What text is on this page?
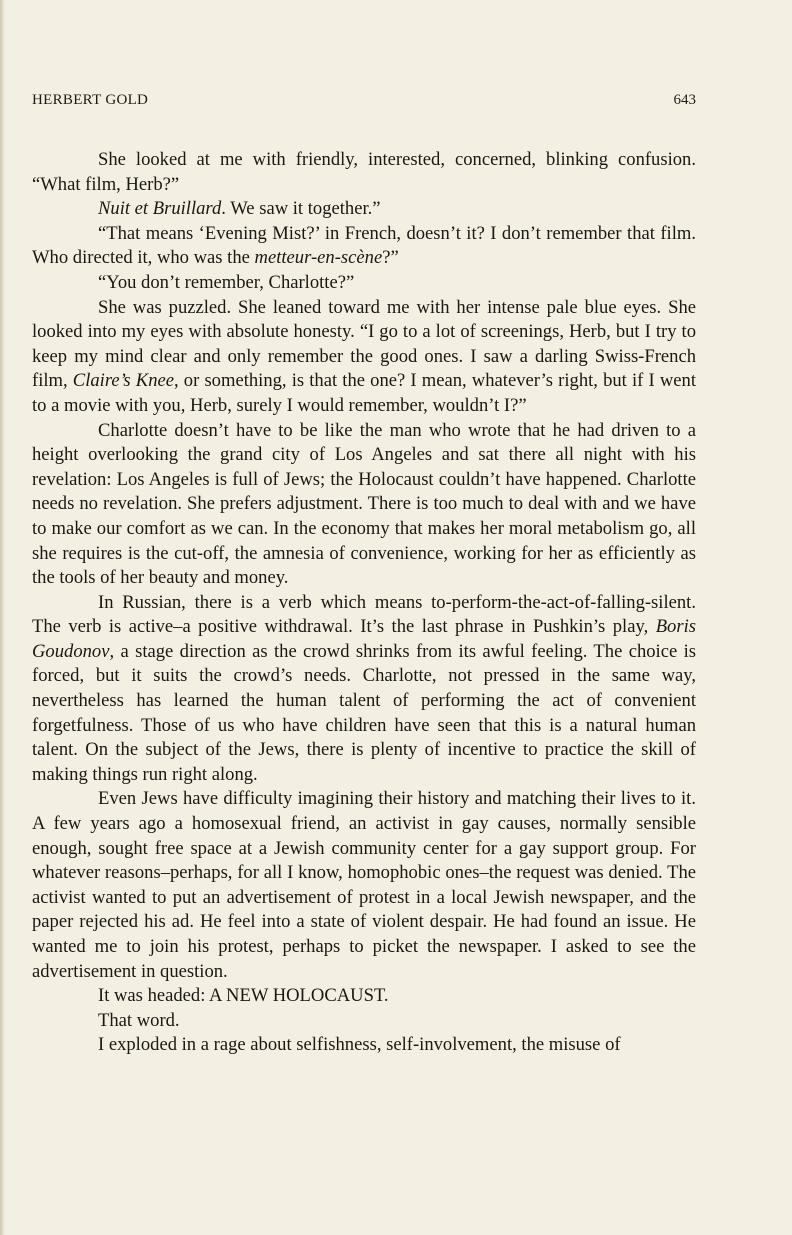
HERBERT GOLD	643

She looked at me with friendly, interested, concerned, blinking confusion. “What film, Herb?”

Nuit et Bruillard. We saw it together.”

“That means ‘Evening Mist?’ in French, doesn’t it? I don’t remember that film. Who directed it, who was the metteur-en-scène?”

“You don’t remember, Charlotte?”

She was puzzled. She leaned toward me with her intense pale blue eyes. She looked into my eyes with absolute honesty. “I go to a lot of screenings, Herb, but I try to keep my mind clear and only remember the good ones. I saw a darling Swiss-French film, Claire’s Knee, or something, is that the one? I mean, whatever’s right, but if I went to a movie with you, Herb, surely I would remember, wouldn’t I?”

Charlotte doesn’t have to be like the man who wrote that he had driven to a height overlooking the grand city of Los Angeles and sat there all night with his revelation: Los Angeles is full of Jews; the Holocaust couldn’t have happened. Charlotte needs no revelation. She prefers adjustment. There is too much to deal with and we have to make our comfort as we can. In the economy that makes her moral metabolism go, all she requires is the cut-off, the amnesia of convenience, working for her as efficiently as the tools of her beauty and money.

In Russian, there is a verb which means to-perform-the-act-of-falling-silent. The verb is active–a positive withdrawal. It’s the last phrase in Pushkin’s play, Boris Goudonov, a stage direction as the crowd shrinks from its awful feeling. The choice is forced, but it suits the crowd’s needs. Charlotte, not pressed in the same way, nevertheless has learned the human talent of performing the act of convenient forgetfulness. Those of us who have children have seen that this is a natural human talent. On the subject of the Jews, there is plenty of incentive to practice the skill of making things run right along.

Even Jews have difficulty imagining their history and matching their lives to it. A few years ago a homosexual friend, an activist in gay causes, normally sensible enough, sought free space at a Jewish community center for a gay support group. For whatever reasons–perhaps, for all I know, homophobic ones–the request was denied. The activist wanted to put an advertisement of protest in a local Jewish newspaper, and the paper rejected his ad. He feel into a state of violent despair. He had found an issue. He wanted me to join his protest, perhaps to picket the newspaper. I asked to see the advertisement in question.

It was headed: A NEW HOLOCAUST.

That word.

I exploded in a rage about selfishness, self-involvement, the misuse of
